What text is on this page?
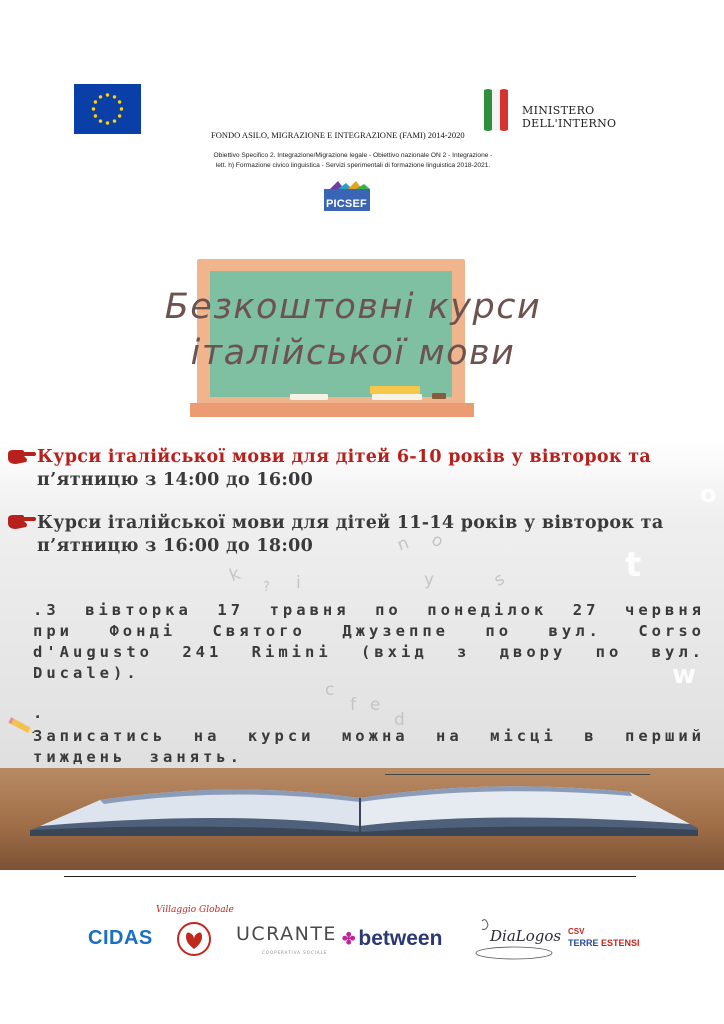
MINISTERO
DELL'INTERNO
FONDO ASILO, MIGRAZIONE E INTEGRAZIONE (FAMI) 2014-2020
Obiettivo Specifico 2. Integrazione/Migrazione legale - Obiettivo nazionale ON 2 - Integrazione -
lett. h) Formazione civico linguistica - Servizi sperimentali di formazione linguistica 2018-2021.
PICSEF
Безкоштовні курси
італійської мови
k
? i
u o
y	s
c
f e
d
t
w
o
Курси італійської мови для дітей 6-10 років у вівторок та
п’ятницю з 14:00 до 16:00
Курси італійської мови для дітей 11-14 років у вівторок та
п’ятницю з 16:00 до 18:00
.З вівторка 17 травня по понеділок 27 червня при Фонді Святого Джузеппе по вул. Corso d'Augusto 241 Rimini (вхід з двору по вул. Ducale).
.
Записатись на курси можна на місці в перший тиждень занять.
CIDAS
Villaggio Globale
UCRANTE
COOPERATIVA SOCIALE
✤ between	DiaLogos CSV
TERRE ESTENSI
